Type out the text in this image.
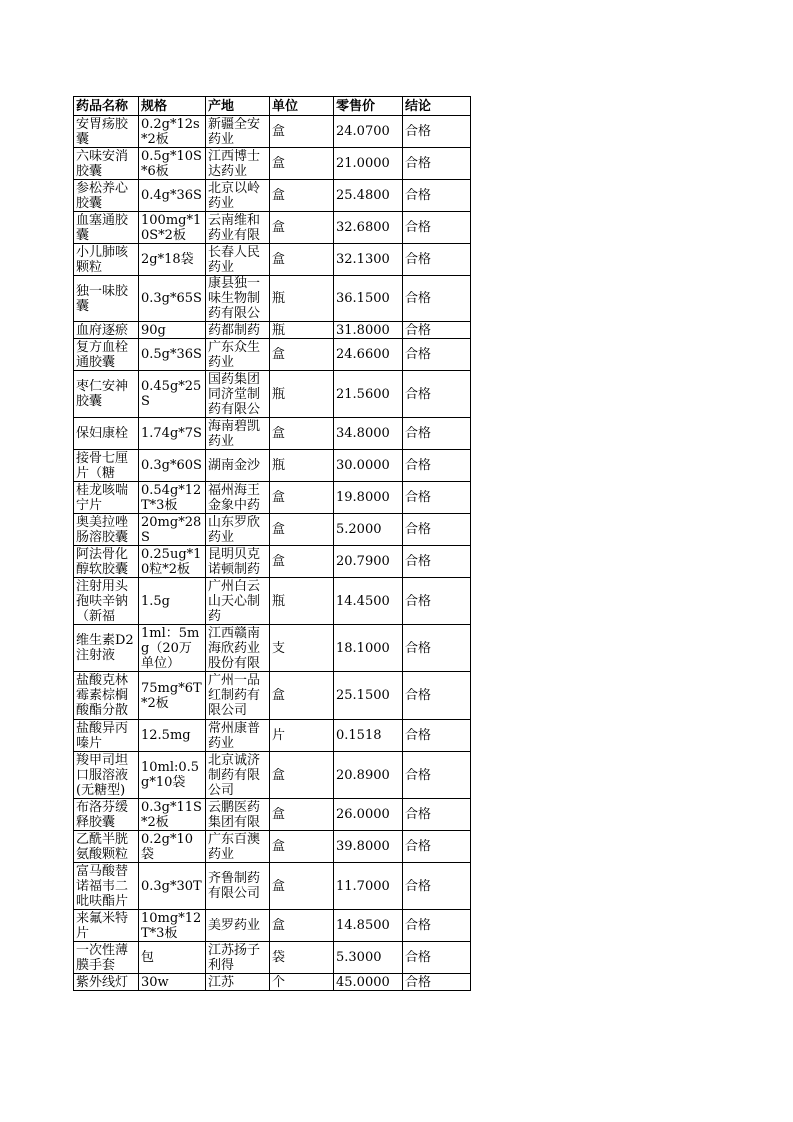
药品名称	规格	产地	单位	零售价	结论

安胃疡胶囊	0.2g*12s*2板	新疆全安药业	盒	24.0700	合格

六味安消胶囊	0.5g*10S*6板	江西博士达药业	盒	21.0000	合格

参松养心胶囊	0.4g*36S	北京以岭药业	盒	25.4800	合格

血塞通胶囊	100mg*10S*2板	云南维和药业有限	盒	32.6800	合格

小儿肺咳颗粒	2g*18袋	长春人民药业	盒	32.1300	合格

独一味胶囊	0.3g*65S	康县独一味生物制药有限公	瓶	36.1500	合格

血府逐瘀	90g	药都制药	瓶	31.8000	合格

复方血栓通胶囊	0.5g*36S	广东众生药业	盒	24.6600	合格

枣仁安神胶囊	0.45g*25S	国药集团同济堂制药有限公	瓶	21.5600	合格

保妇康栓	1.74g*7S	海南碧凯药业	盒	34.8000	合格

接骨七厘片（糖	0.3g*60S	湖南金沙	瓶	30.0000	合格

桂龙咳喘宁片	0.54g*12T*3板	福州海王金象中药	盒	19.8000	合格

奥美拉唑肠溶胶囊	20mg*28S	山东罗欣药业	盒	5.2000	合格

阿法骨化醇软胶囊	0.25ug*10粒*2板	昆明贝克诺顿制药	盒	20.7900	合格

注射用头孢呋辛钠（新福	1.5g	广州白云山天心制药	瓶	14.4500	合格

维生素D2注射液	1ml：5mg（20万单位）	江西赣南海欣药业股份有限	支	18.1000	合格

盐酸克林霉素棕榈酸酯分散	75mg*6T*2板	广州一品红制药有限公司	盒	25.1500	合格

盐酸异丙嗪片	12.5mg	常州康普药业	片	0.1518	合格

羧甲司坦口服溶液(无糖型)	10ml:0.5g*10袋	北京诚济制药有限公司	盒	20.8900	合格

布洛芬缓释胶囊	0.3g*11S*2板	云鹏医药集团有限	盒	26.0000	合格

乙酰半胱氨酸颗粒	0.2g*10袋	广东百澳药业	盒	39.8000	合格

富马酸替诺福韦二吡呋酯片	0.3g*30T	齐鲁制药有限公司	盒	11.7000	合格

来氟米特片	10mg*12T*3板	美罗药业	盒	14.8500	合格

一次性薄膜手套	包	江苏扬子利得	袋	5.3000	合格

紫外线灯	30w	江苏	个	45.0000	合格
